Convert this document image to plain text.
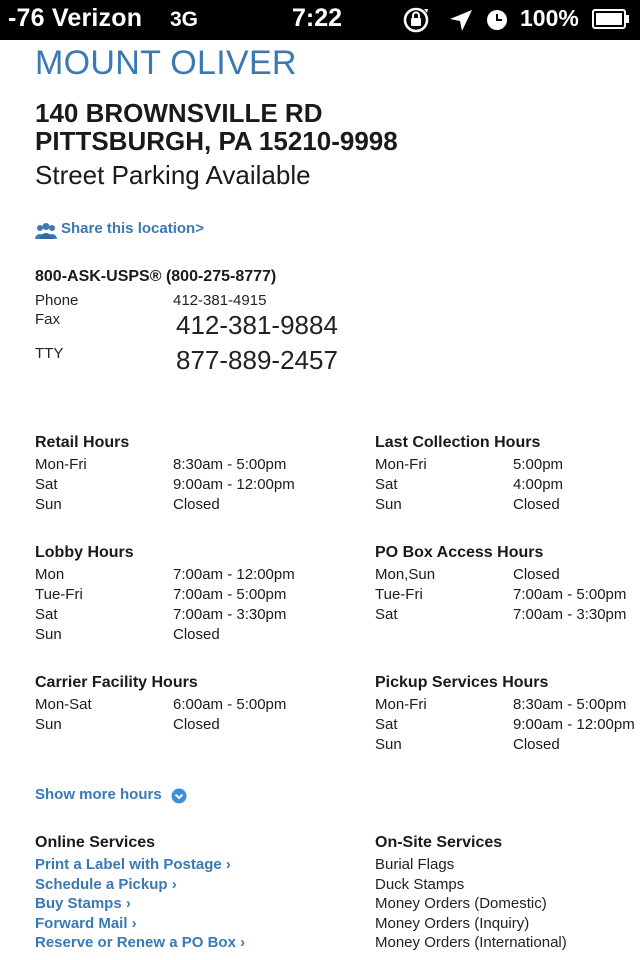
-76 Verizon 3G	7:22	100%
MOUNT OLIVER
140 BROWNSVILLE RD
PITTSBURGH, PA 15210-9998
Street Parking Available
Share this location>
800-ASK-USPS® (800-275-8777)
Phone	412-381-4915
Fax	412-381-9884
TTY	877-889-2457
Retail Hours
Mon-Fri	8:30am - 5:00pm
Sat	9:00am - 12:00pm
Sun	Closed
Last Collection Hours
Mon-Fri	5:00pm
Sat	4:00pm
Sun	Closed
Lobby Hours
Mon	7:00am - 12:00pm
Tue-Fri	7:00am - 5:00pm
Sat	7:00am - 3:30pm
Sun	Closed
PO Box Access Hours
Mon,Sun	Closed
Tue-Fri	7:00am - 5:00pm
Sat	7:00am - 3:30pm
Carrier Facility Hours
Mon-Sat	6:00am - 5:00pm
Sun	Closed
Pickup Services Hours
Mon-Fri	8:30am - 5:00pm
Sat	9:00am - 12:00pm
Sun	Closed
Show more hours
Online Services
Print a Label with Postage ›
Schedule a Pickup ›
Buy Stamps ›
Forward Mail ›
Reserve or Renew a PO Box ›
On-Site Services
Burial Flags
Duck Stamps
Money Orders (Domestic)
Money Orders (Inquiry)
Money Orders (International)
